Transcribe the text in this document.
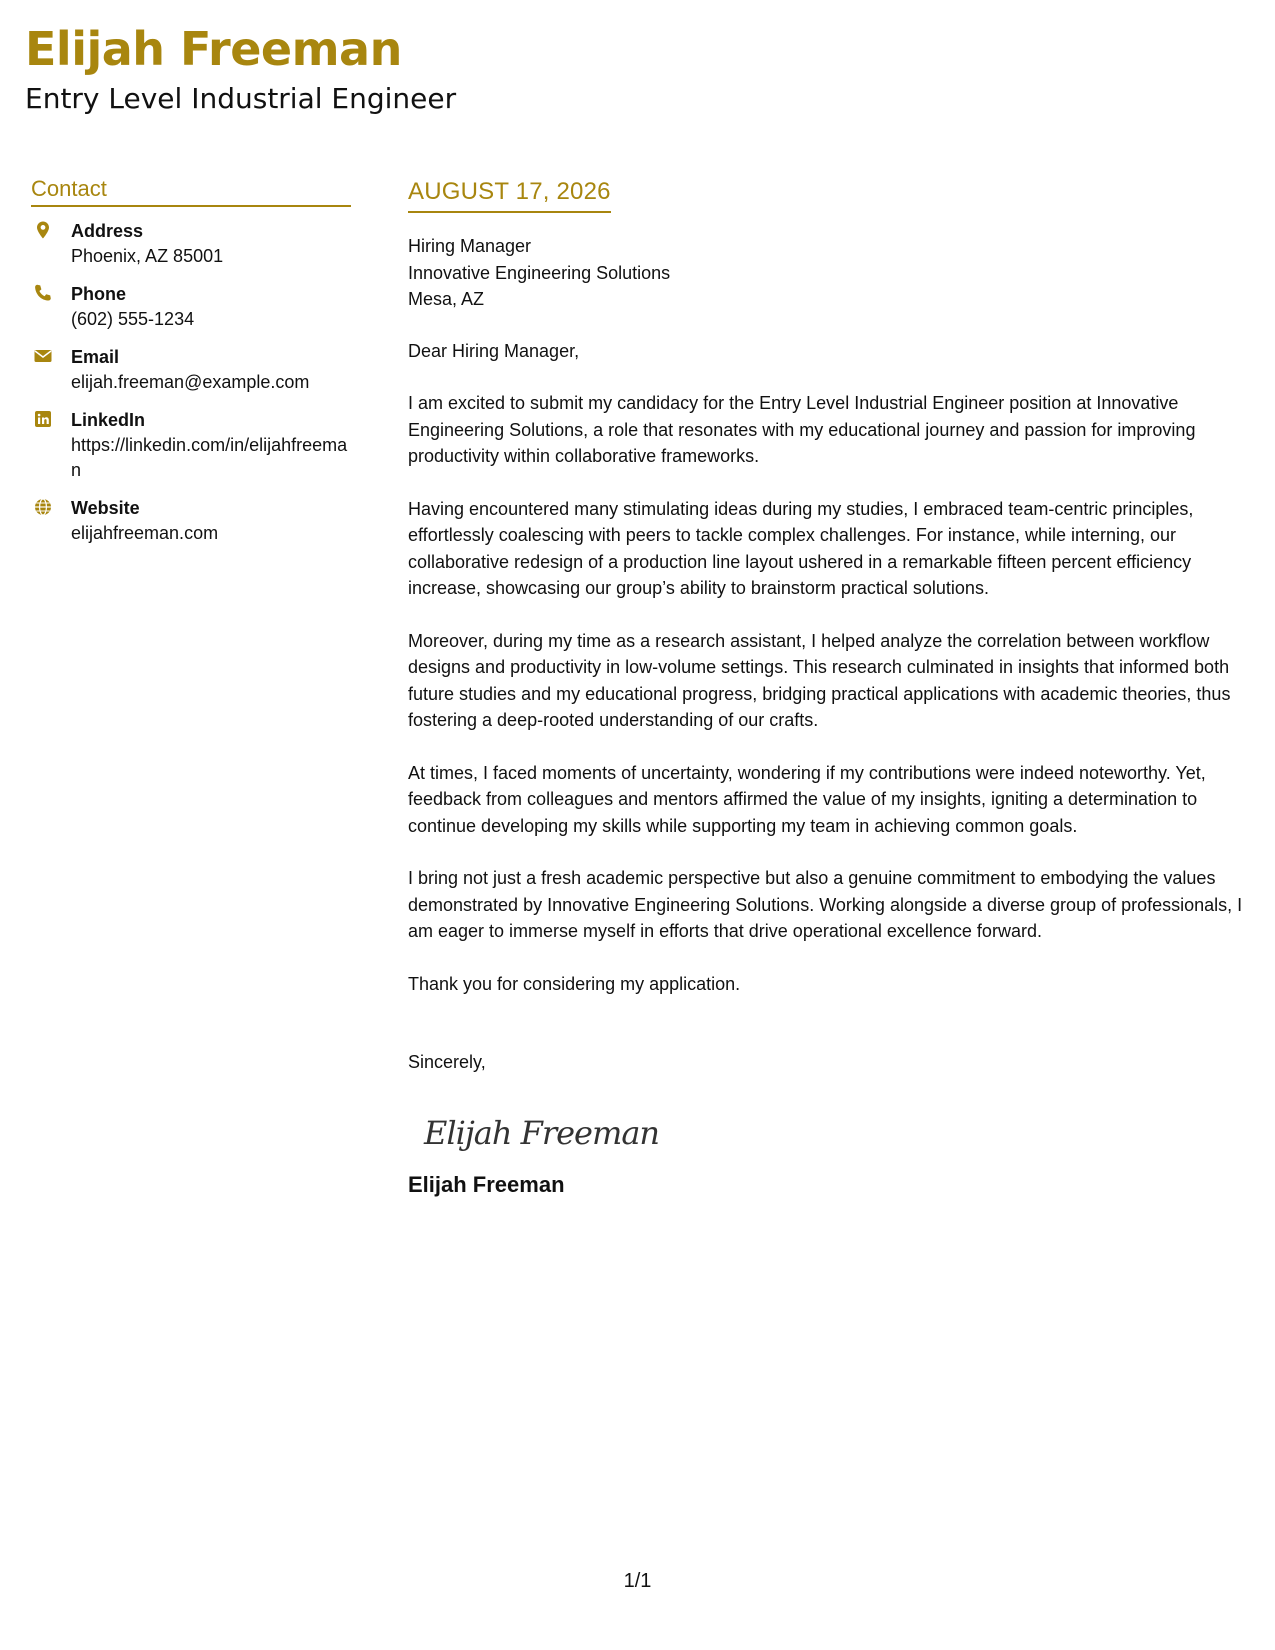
Elijah Freeman
Entry Level Industrial Engineer
Contact
Address
Phoenix, AZ 85001
Phone
(602) 555-1234
Email
elijah.freeman@example.com
LinkedIn
https://linkedin.com/in/elijahfreeman
Website
elijahfreeman.com
AUGUST 17, 2026
Hiring Manager
Innovative Engineering Solutions
Mesa, AZ
Dear Hiring Manager,
I am excited to submit my candidacy for the Entry Level Industrial Engineer position at Innovative Engineering Solutions, a role that resonates with my educational journey and passion for improving productivity within collaborative frameworks.
Having encountered many stimulating ideas during my studies, I embraced team-centric principles, effortlessly coalescing with peers to tackle complex challenges. For instance, while interning, our collaborative redesign of a production line layout ushered in a remarkable fifteen percent efficiency increase, showcasing our group’s ability to brainstorm practical solutions.
Moreover, during my time as a research assistant, I helped analyze the correlation between workflow designs and productivity in low-volume settings. This research culminated in insights that informed both future studies and my educational progress, bridging practical applications with academic theories, thus fostering a deep-rooted understanding of our crafts.
At times, I faced moments of uncertainty, wondering if my contributions were indeed noteworthy. Yet, feedback from colleagues and mentors affirmed the value of my insights, igniting a determination to continue developing my skills while supporting my team in achieving common goals.
I bring not just a fresh academic perspective but also a genuine commitment to embodying the values demonstrated by Innovative Engineering Solutions. Working alongside a diverse group of professionals, I am eager to immerse myself in efforts that drive operational excellence forward.
Thank you for considering my application.
Sincerely,
Elijah Freeman
Elijah Freeman
1/1
